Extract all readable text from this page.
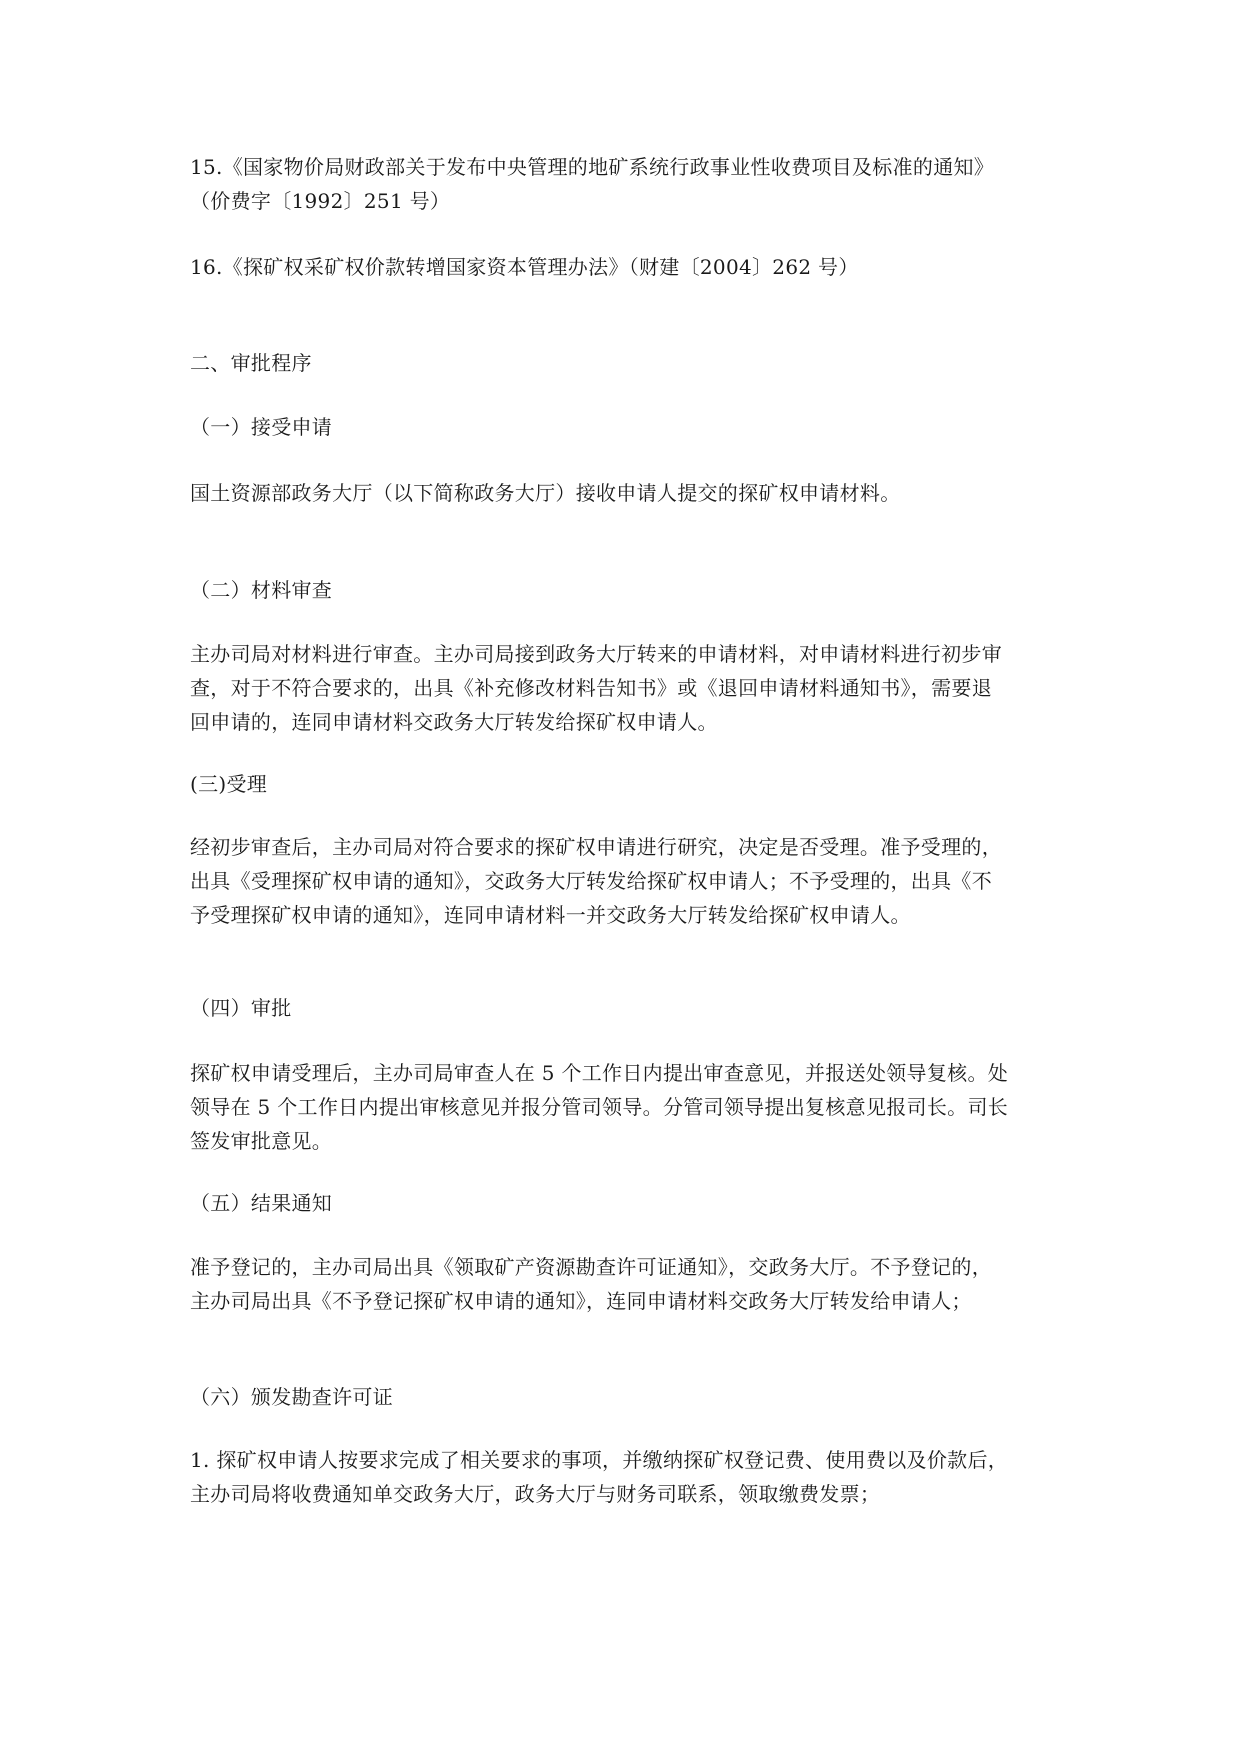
15.《国家物价局财政部关于发布中央管理的地矿系统行政事业性收费项目及标准的通知》
（价费字〔1992〕251 号）

16.《探矿权采矿权价款转增国家资本管理办法》（财建〔2004〕262 号）

二、审批程序

（一）接受申请

国土资源部政务大厅（以下简称政务大厅）接收申请人提交的探矿权申请材料。

（二）材料审查

主办司局对材料进行审查。主办司局接到政务大厅转来的申请材料，对申请材料进行初步审
查，对于不符合要求的，出具《补充修改材料告知书》或《退回申请材料通知书》，需要退
回申请的，连同申请材料交政务大厅转发给探矿权申请人。

(三)受理

经初步审查后，主办司局对符合要求的探矿权申请进行研究，决定是否受理。准予受理的，
出具《受理探矿权申请的通知》，交政务大厅转发给探矿权申请人；不予受理的，出具《不
予受理探矿权申请的通知》，连同申请材料一并交政务大厅转发给探矿权申请人。

（四）审批

探矿权申请受理后，主办司局审查人在 5 个工作日内提出审查意见，并报送处领导复核。处
领导在 5 个工作日内提出审核意见并报分管司领导。分管司领导提出复核意见报司长。司长
签发审批意见。

（五）结果通知

准予登记的，主办司局出具《领取矿产资源勘查许可证通知》，交政务大厅。不予登记的，
主办司局出具《不予登记探矿权申请的通知》，连同申请材料交政务大厅转发给申请人；

（六）颁发勘查许可证

1. 探矿权申请人按要求完成了相关要求的事项，并缴纳探矿权登记费、使用费以及价款后，
主办司局将收费通知单交政务大厅，政务大厅与财务司联系，领取缴费发票；
